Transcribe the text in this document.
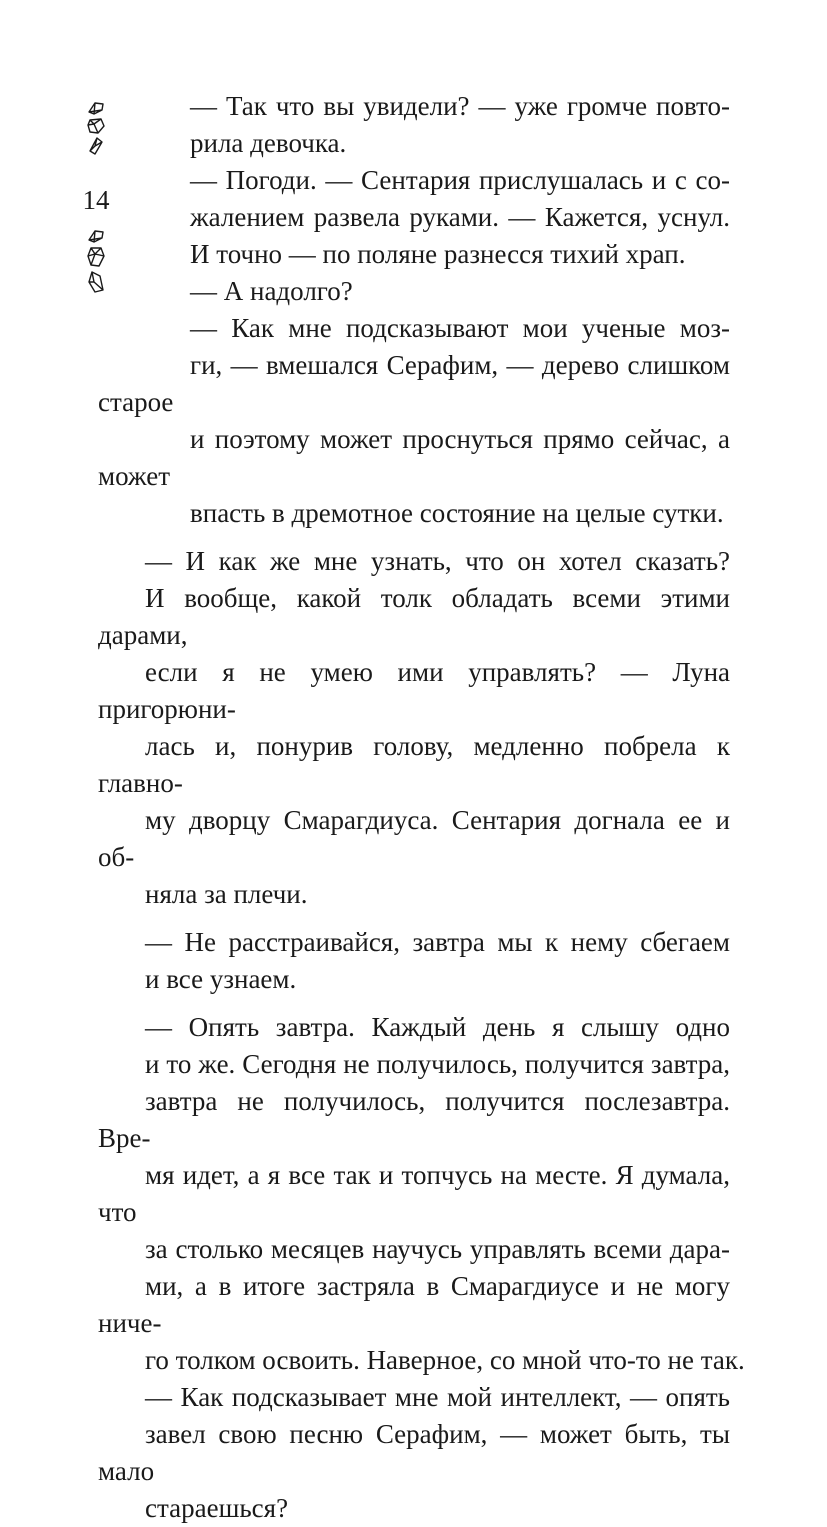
14

— Так что вы увидели? — уже громче повто-
рила девочка.

— Погоди. — Сентария прислушалась и с со-
жалением развела руками. — Кажется, уснул.

И точно — по поляне разнесся тихий храп.

— А надолго?

— Как мне подсказывают мои ученые моз-
ги, — вмешался Серафим, — дерево слишком старое
и поэтому может проснуться прямо сейчас, а может
впасть в дремотное состояние на целые сутки.

— И как же мне узнать, что он хотел сказать?
И вообще, какой толк обладать всеми этими дарами,
если я не умею ими управлять? — Луна пригорюни-
лась и, понурив голову, медленно побрела к главно-
му дворцу Смарагдиуса. Сентария догнала ее и об-
няла за плечи.

— Не расстраивайся, завтра мы к нему сбегаем
и все узнаем.

— Опять завтра. Каждый день я слышу одно
и то же. Сегодня не получилось, получится завтра,
завтра не получилось, получится послезавтра. Вре-
мя идет, а я все так и топчусь на месте. Я думала, что
за столько месяцев научусь управлять всеми дара-
ми, а в итоге застряла в Смарагдиусе и не могу ниче-
го толком освоить. Наверное, со мной что-то не так.

— Как подсказывает мне мой интеллект, — опять
завел свою песню Серафим, — может быть, ты мало
стараешься?
